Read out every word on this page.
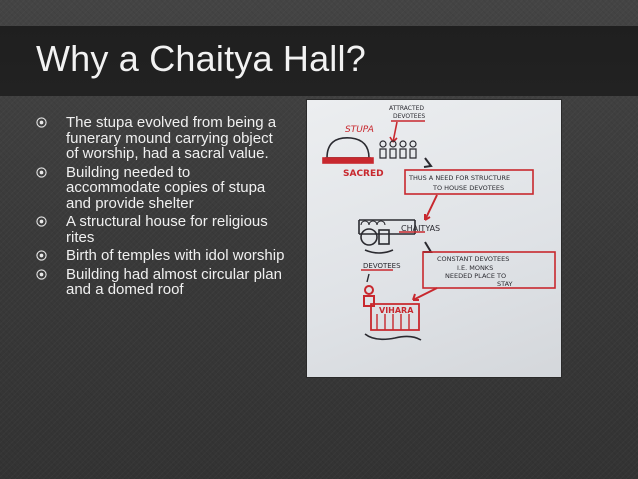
Why a Chaitya Hall?
The stupa evolved from being a funerary mound carrying object of worship, had a sacral value.
Building needed to accommodate copies of stupa and provide shelter
A structural house for religious rites
Birth of temples with idol worship
Building had almost circular plan and a domed roof
ATTRACTED
DEVOTEES
STUPA
SACRED	THUS A NEED FOR STRUCTURE
TO HOUSE DEVOTEES
CHAITYAS
CONSTANT DEVOTEES
I.E. MONKS
NEEDED PLACE TO
STAY
DEVOTEES
VIHARA
